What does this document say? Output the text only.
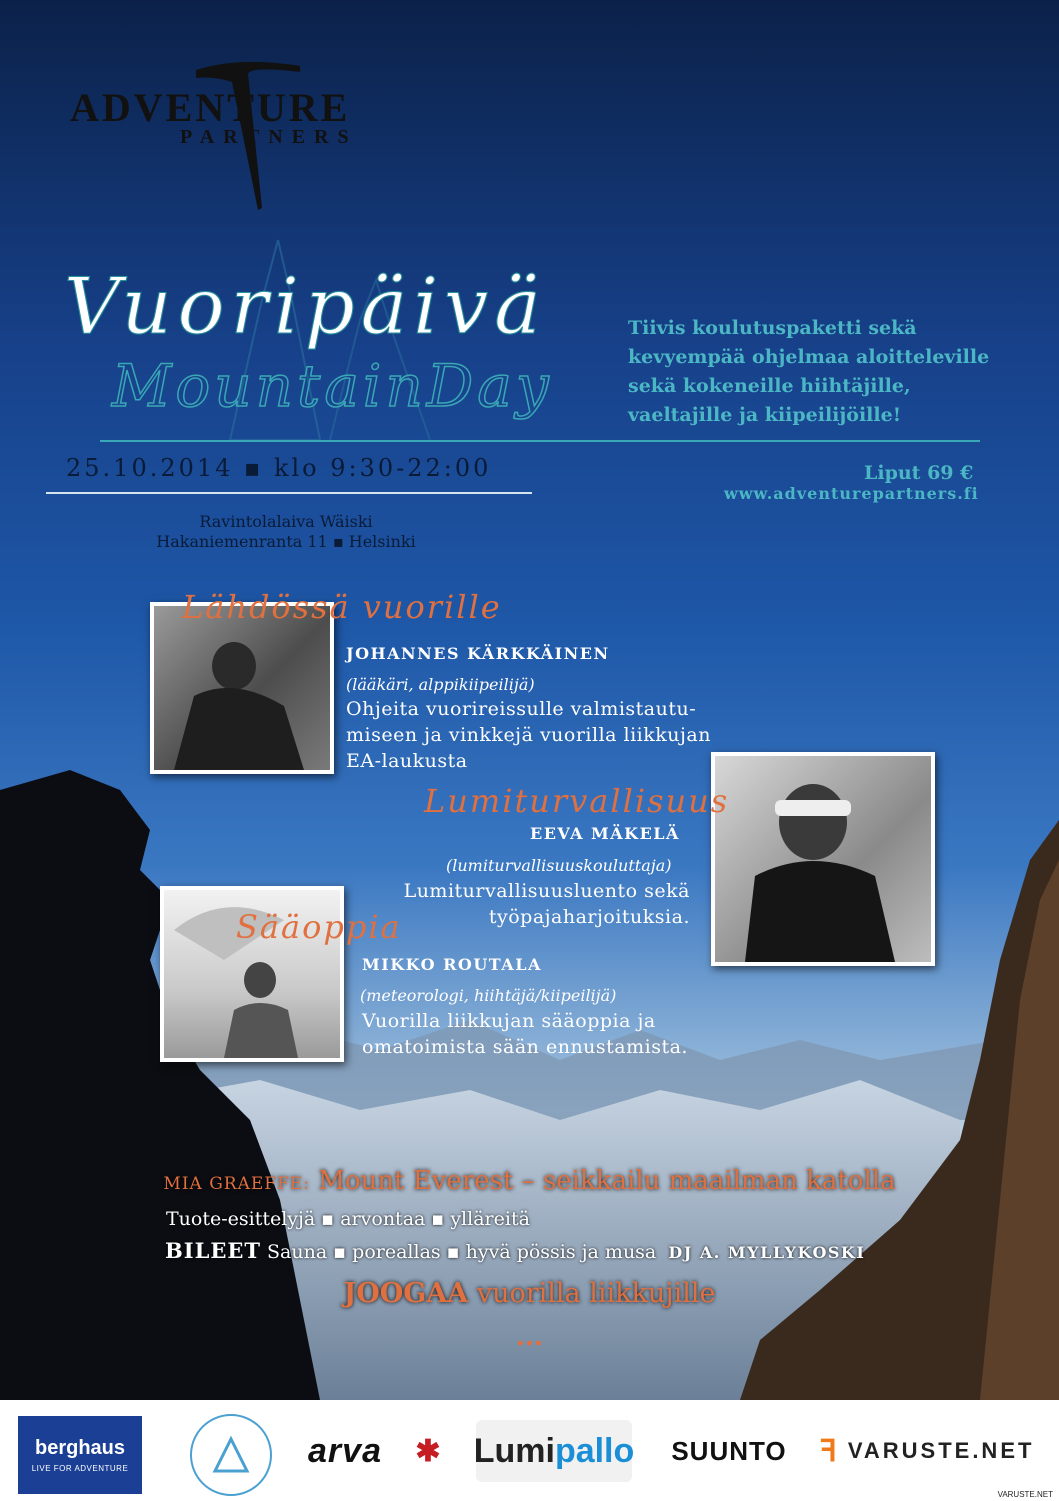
ADVENTURE
PARTNERS
Vuoripäivä
MountainDay
Tiivis koulutuspaketti sekä
kevyempää ohjelmaa aloitteleville
sekä kokeneille hiihtäjille,
vaeltajille ja kiipeilijöille!
25.10.2014 ▪ klo 9:30-22:00
Ravintolalaiva Wäiski
Hakaniemenranta 11 ▪ Helsinki
Liput 69 €
www.adventurepartners.fi
Lähdössä vuorille
JOHANNES KÄRKKÄINEN
(lääkäri, alppikiipeilijä)
Ohjeita vuorireissulle valmistautu-
miseen ja vinkkejä vuorilla liikkujan
EA-laukusta
Lumiturvallisuus
EEVA MÄKELÄ
(lumiturvallisuuskouluttaja)
Lumiturvallisuusluento sekä
työpajaharjoituksia.
Sääoppia
MIKKO ROUTALA
(meteorologi, hiihtäjä/kiipeilijä)
Vuorilla liikkujan sääoppia ja
omatoimista sään ennustamista.
MIA GRAEFFE: Mount Everest – seikkailu maailman katolla
Tuote-esittelyjä ▪ arvontaa ▪ ylläreitä
BILEET Sauna ▪ poreallas ▪ hyvä pössis ja musa DJ A. MYLLYKOSKI
JOOGAA vuorilla liikkujille
...
berghaus
LIVE FOR ADVENTURE	arva	✱ Lumi pallo SUUNTO ꟻ VARUSTE.NET
VARUSTE.NET
